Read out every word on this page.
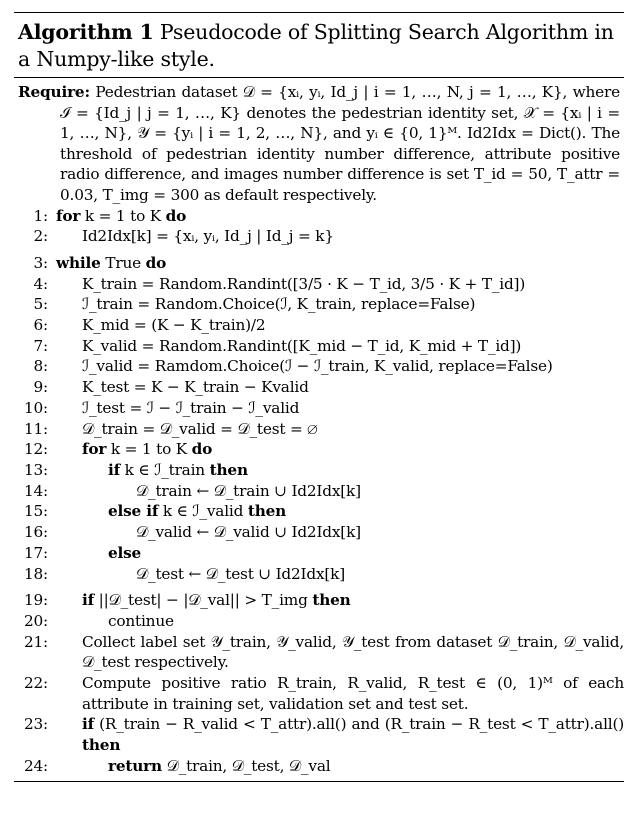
Algorithm 1 Pseudocode of Splitting Search Algorithm in a Numpy-like style.
Require: Pedestrian dataset 𝒟 = {xᵢ, yᵢ, Id_j | i = 1, …, N, j = 1, …, K}, where ℐ = {Id_j | j = 1, …, K} denotes the pedestrian identity set, 𝒳 = {xᵢ | i = 1, …, N}, 𝒴 = {yᵢ | i = 1, 2, …, N}, and yᵢ ∈ {0, 1}ᴹ. Id2Idx = Dict(). The threshold of pedestrian identity number difference, attribute positive radio difference, and images number difference is set T_id = 50, T_attr = 0.03, T_img = 300 as default respectively.
1: for k = 1 to K do
2:	Id2Idx[k] = {xᵢ, yᵢ, Id_j | Id_j = k}
3: while True do
4:	K_train = Random.Randint([3/5 · K − T_id, 3/5 · K + T_id])
5:	ℐ_train = Random.Choice(ℐ, K_train, replace=False)
6:	K_mid = (K − K_train)/2
7:	K_valid = Random.Randint([K_mid − T_id, K_mid + T_id])
8:	ℐ_valid = Ramdom.Choice(ℐ − ℐ_train, K_valid, replace=False)
9:	K_test = K − K_train − Kvalid
10:	ℐ_test = ℐ − ℐ_train − ℐ_valid
11:	𝒟_train = 𝒟_valid = 𝒟_test = ∅
12:	for k = 1 to K do
13:	if k ∈ ℐ_train then
14:	𝒟_train ← 𝒟_train ∪ Id2Idx[k]
15:	else if k ∈ ℐ_valid then
16:	𝒟_valid ← 𝒟_valid ∪ Id2Idx[k]
17:	else
18:	𝒟_test ← 𝒟_test ∪ Id2Idx[k]
19:	if ||𝒟_test| − |𝒟_val|| > T_img then
20:	continue
21:	Collect label set 𝒴_train, 𝒴_valid, 𝒴_test from dataset 𝒟_train, 𝒟_valid, 𝒟_test respectively.
22:	Compute positive ratio R_train, R_valid, R_test ∈ (0, 1)ᴹ of each attribute in training set, validation set and test set.
23:	if (R_train − R_valid < T_attr).all() and (R_train − R_test < T_attr).all() then
24:	return 𝒟_train, 𝒟_test, 𝒟_val
